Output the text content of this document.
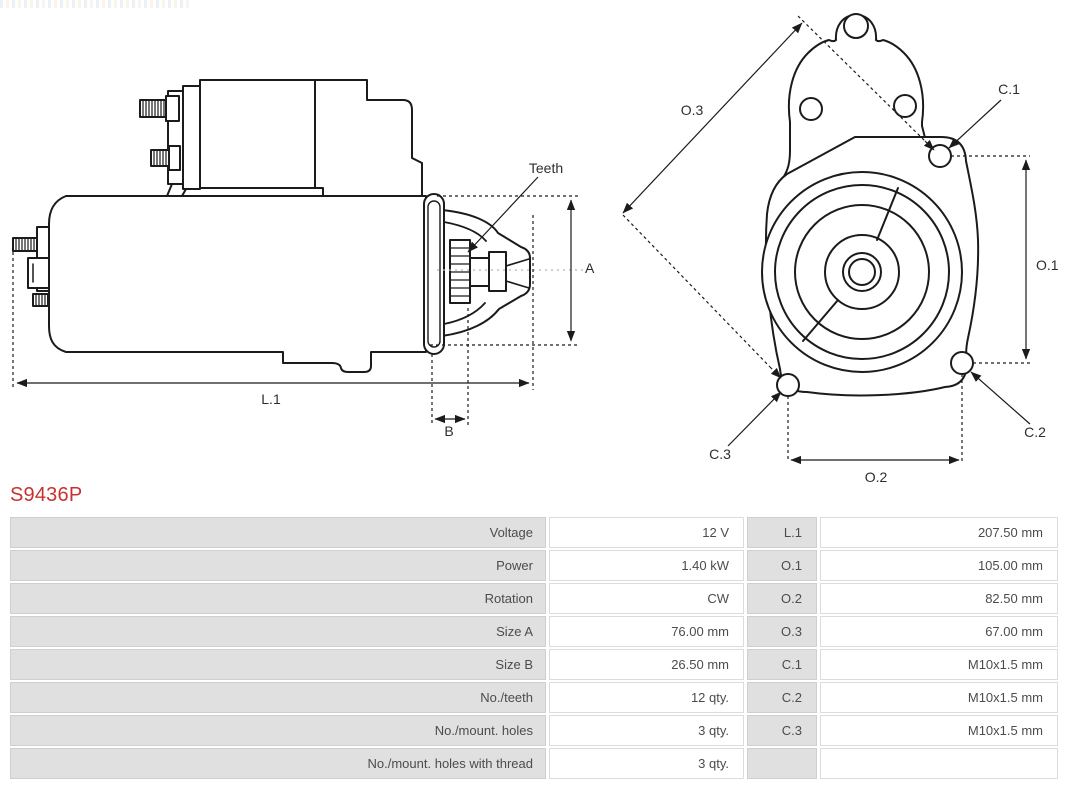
Teeth
A
L.1
B
O.3
C.1
O.1
C.3
C.2
O.2
S9436P
Voltage	12 V	L.1	207.50 mm
Power	1.40 kW	O.1	105.00 mm
Rotation	CW	O.2	82.50 mm
Size A	76.00 mm	O.3	67.00 mm
Size B	26.50 mm	C.1	M10x1.5 mm
No./teeth	12 qty.	C.2	M10x1.5 mm
No./mount. holes	3 qty.	C.3	M10x1.5 mm
No./mount. holes with thread	3 qty.
